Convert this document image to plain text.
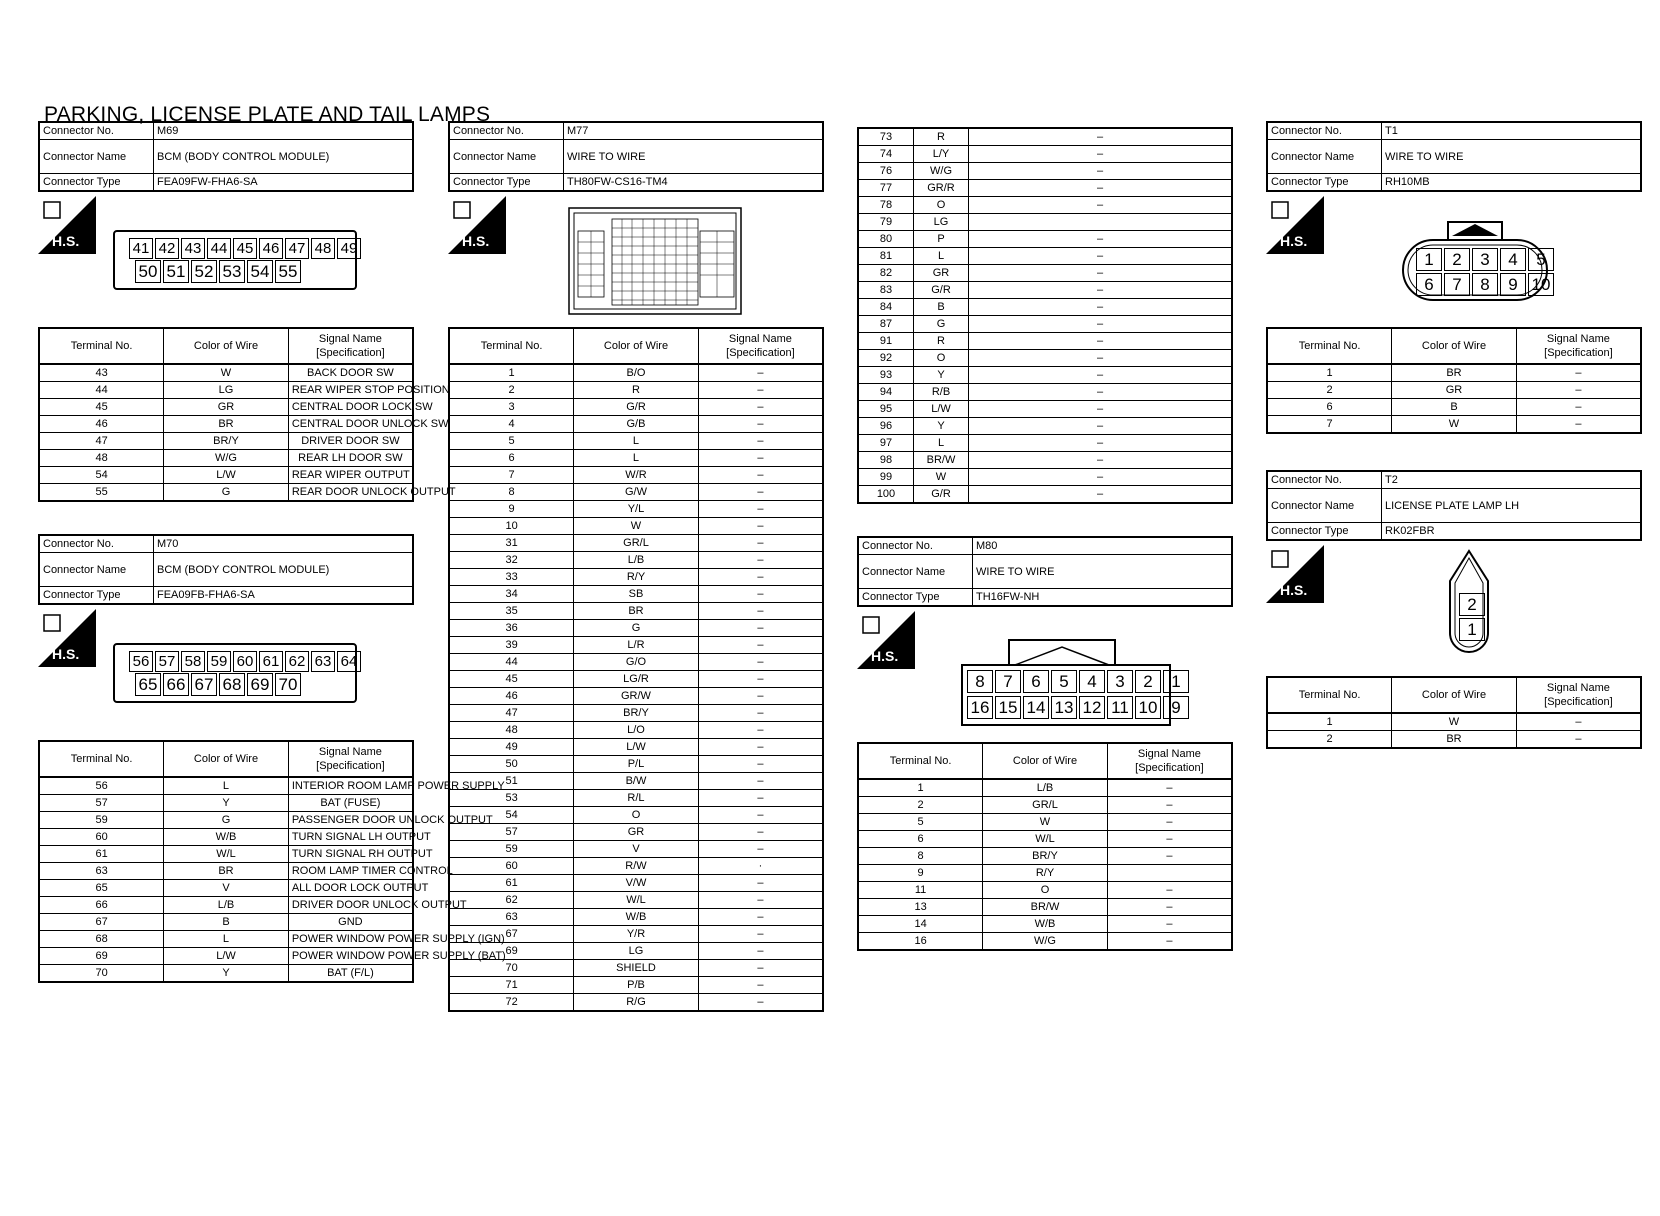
PARKING, LICENSE PLATE AND TAIL LAMPS
Connector No.	M69
Connector Name	BCM (BODY CONTROL MODULE)
Connector Type	FEA09FW-FHA6-SA
H.S.	41 42 43 44 45 46 47 48 49
50 51 52 53 54 55
Terminal No.	Color of Wire	Signal Name [Specification]
43	W	BACK DOOR SW
44	LG	REAR WIPER STOP POSITION
45	GR	CENTRAL DOOR LOCK SW
46	BR	CENTRAL DOOR UNLOCK SW
47	BR/Y	DRIVER DOOR SW
48	W/G	REAR LH DOOR SW
54	L/W	REAR WIPER OUTPUT
55	G	REAR DOOR UNLOCK OUTPUT
Connector No.	M70
Connector Name	BCM (BODY CONTROL MODULE)
Connector Type	FEA09FB-FHA6-SA
H.S.	56 57 58 59 60 61 62 63 64
65 66 67 68 69 70
Terminal No.	Color of Wire	Signal Name [Specification]
56	L	INTERIOR ROOM LAMP POWER SUPPLY
57	Y	BAT (FUSE)
59	G	PASSENGER DOOR UNLOCK OUTPUT
60	W/B	TURN SIGNAL LH OUTPUT
61	W/L	TURN SIGNAL RH OUTPUT
63	BR	ROOM LAMP TIMER CONTROL
65	V	ALL DOOR LOCK OUTPUT
66	L/B	DRIVER DOOR UNLOCK OUTPUT
67	B	GND
68	L	POWER WINDOW POWER SUPPLY (IGN)
69	L/W	POWER WINDOW POWER SUPPLY (BAT)
70	Y	BAT (F/L)
Connector No.	M77
Connector Name	WIRE TO WIRE
Connector Type	TH80FW-CS16-TM4
H.S.
Terminal No.	Color of Wire	Signal Name [Specification]
1	B/O	–
2	R	–
3	G/R	–
4	G/B	–
5	L	–
6	L	–
7	W/R	–
8	G/W	–
9	Y/L	–
10	W	–
31	GR/L	–
32	L/B	–
33	R/Y	–
34	SB	–
35	BR	–
36	G	–
39	L/R	–
44	G/O	–
45	LG/R	–
46	GR/W	–
47	BR/Y	–
48	L/O	–
49	L/W	–
50	P/L	–
51	B/W	–
53	R/L	–
54	O	–
57	GR	–
59	V	–
60	R/W	·
61	V/W	–
62	W/L	–
63	W/B	–
67	Y/R	–
69	LG	–
70	SHIELD	–
71	P/B	–
72	R/G	–
73	R	–
74	L/Y	–
76	W/G	–
77	GR/R	–
78	O	–
79	LG	
80	P	–
81	L	–
82	GR	–
83	G/R	–
84	B	–
87	G	–
91	R	–
92	O	–
93	Y	–
94	R/B	–
95	L/W	–
96	Y	–
97	L	–
98	BR/W	–
99	W	–
100	G/R	–
Connector No.	M80
Connector Name	WIRE TO WIRE
Connector Type	TH16FW-NH
H.S.
8	7	6	5	4	3	2	1
16 15 14 13 12 11 10 9
Terminal No.	Color of Wire	Signal Name [Specification]
1	L/B	–
2	GR/L	–
5	W	–
6	W/L	–
8	BR/Y	–
9	R/Y	
11	O	–
13	BR/W	–
14	W/B	–
16	W/G	–
Connector No.	T1
Connector Name	WIRE TO WIRE
Connector Type	RH10MB
H.S.
1	2	3	4	5
6	7	8	9 10
Terminal No.	Color of Wire	Signal Name [Specification]
1	BR	–
2	GR	–
6	B	–
7	W	–
Connector No.	T2
Connector Name	LICENSE PLATE LAMP LH
Connector Type	RK02FBR
H.S.
2
1
Terminal No.	Color of Wire	Signal Name [Specification]
1	W	–
2	BR	–
